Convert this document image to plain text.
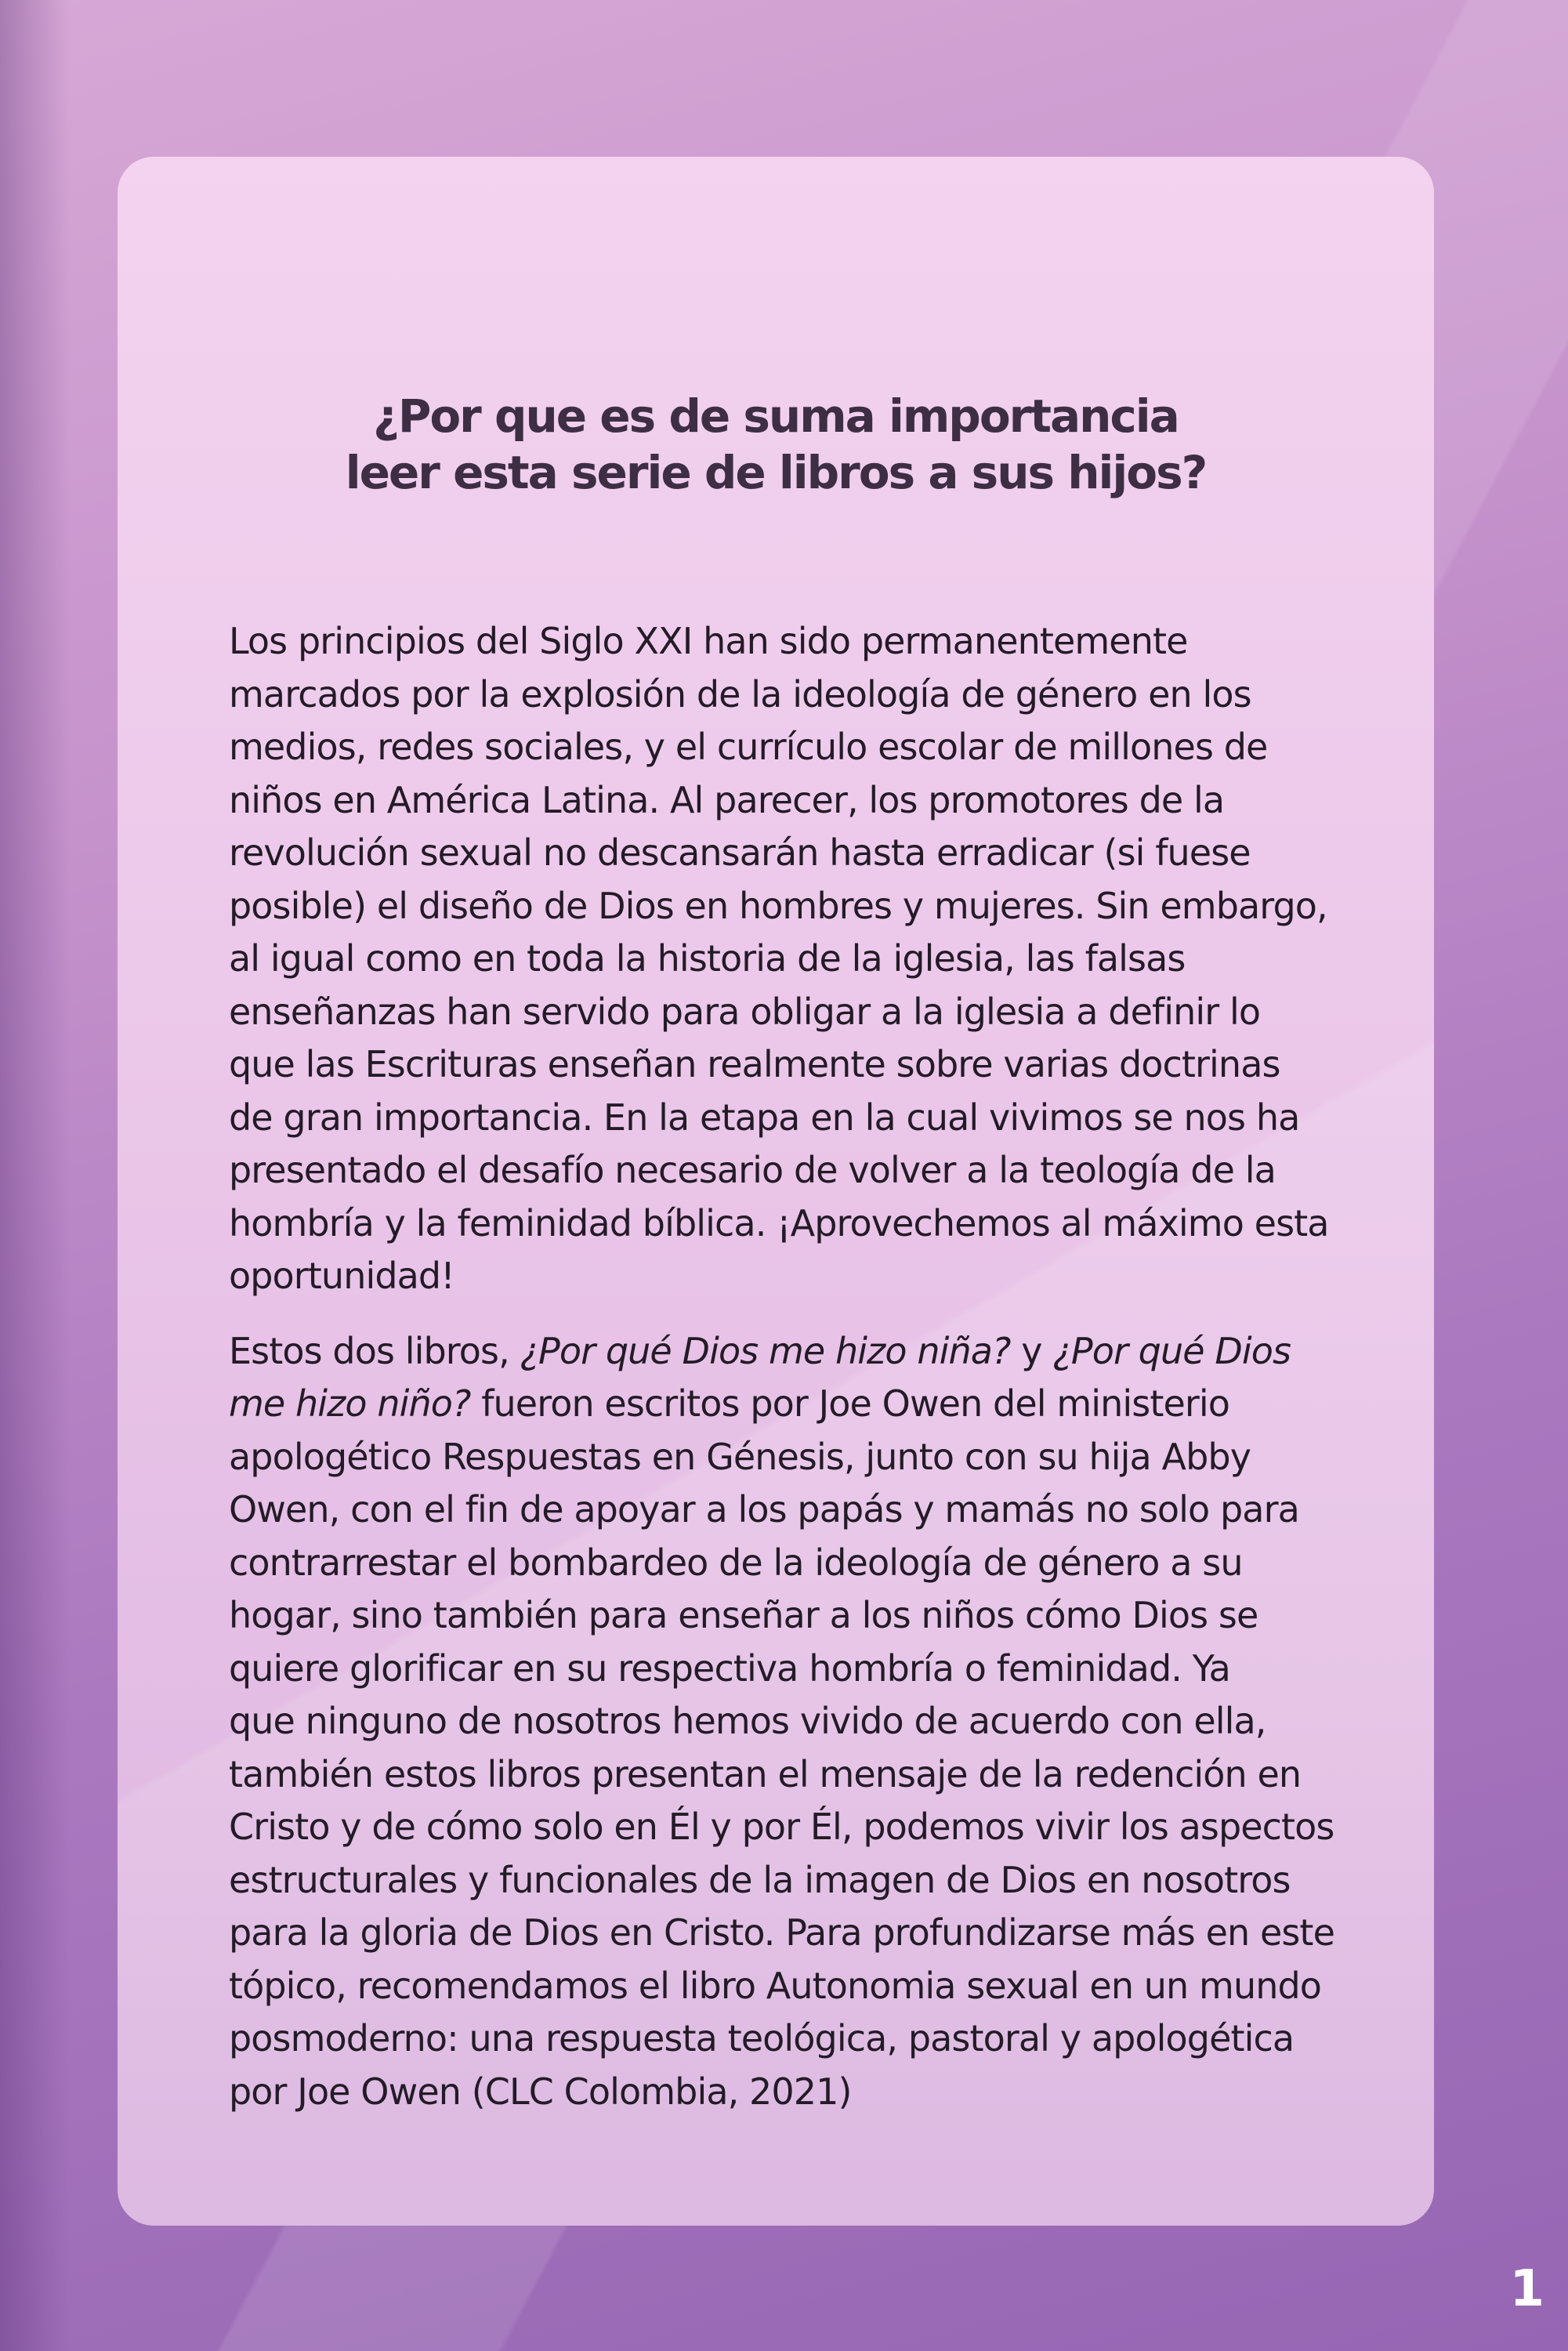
¿Por que es de suma importancia
leer esta serie de libros a sus hijos?
Los principios del Siglo XXI han sido permanentemente
marcados por la explosión de la ideología de género en los
medios, redes sociales, y el currículo escolar de millones de
niños en América Latina. Al parecer, los promotores de la
revolución sexual no descansarán hasta erradicar (si fuese
posible) el diseño de Dios en hombres y mujeres. Sin embargo,
al igual como en toda la historia de la iglesia, las falsas
enseñanzas han servido para obligar a la iglesia a definir lo
que las Escrituras enseñan realmente sobre varias doctrinas
de gran importancia. En la etapa en la cual vivimos se nos ha
presentado el desafío necesario de volver a la teología de la
hombría y la feminidad bíblica. ¡Aprovechemos al máximo esta
oportunidad!
Estos dos libros, ¿Por qué Dios me hizo niña? y ¿Por qué Dios
me hizo niño? fueron escritos por Joe Owen del ministerio
apologético Respuestas en Génesis, junto con su hija Abby
Owen, con el fin de apoyar a los papás y mamás no solo para
contrarrestar el bombardeo de la ideología de género a su
hogar, sino también para enseñar a los niños cómo Dios se
quiere glorificar en su respectiva hombría o feminidad. Ya
que ninguno de nosotros hemos vivido de acuerdo con ella,
también estos libros presentan el mensaje de la redención en
Cristo y de cómo solo en Él y por Él, podemos vivir los aspectos
estructurales y funcionales de la imagen de Dios en nosotros
para la gloria de Dios en Cristo. Para profundizarse más en este
tópico, recomendamos el libro Autonomia sexual en un mundo
posmoderno: una respuesta teológica, pastoral y apologética
por Joe Owen (CLC Colombia, 2021)
1
